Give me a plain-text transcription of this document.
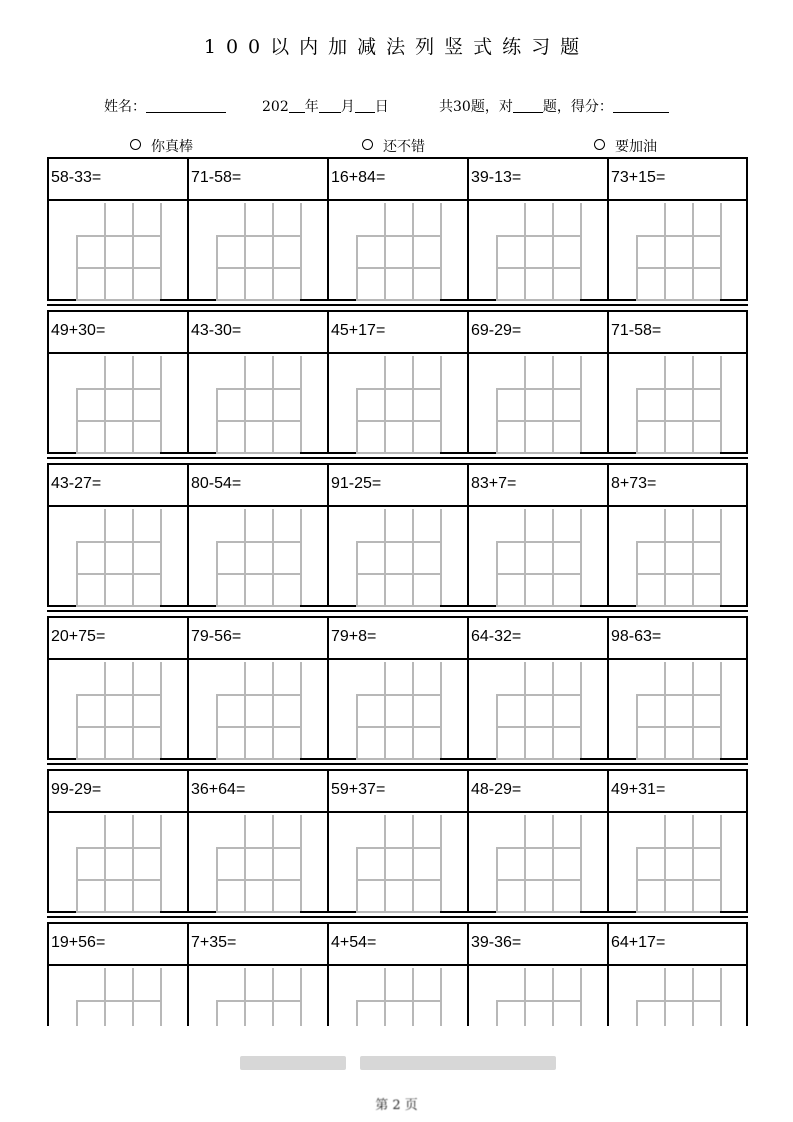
100以内加减法列竖式练习题
姓名：	202 年 月 日	共30题，对 题，得分：
你真棒	还不错	要加油
58-33=	71-58=	16+84=	39-13=	73+15=
49+30=	43-30=	45+17=	69-29=	71-58=
43-27=	80-54=	91-25=	83+7=	8+73=
20+75=	79-56=	79+8=	64-32=	98-63=
99-29=	36+64=	59+37=	48-29=	49+31=
19+56=	7+35=	4+54=	39-36=	64+17=
第 2 页
